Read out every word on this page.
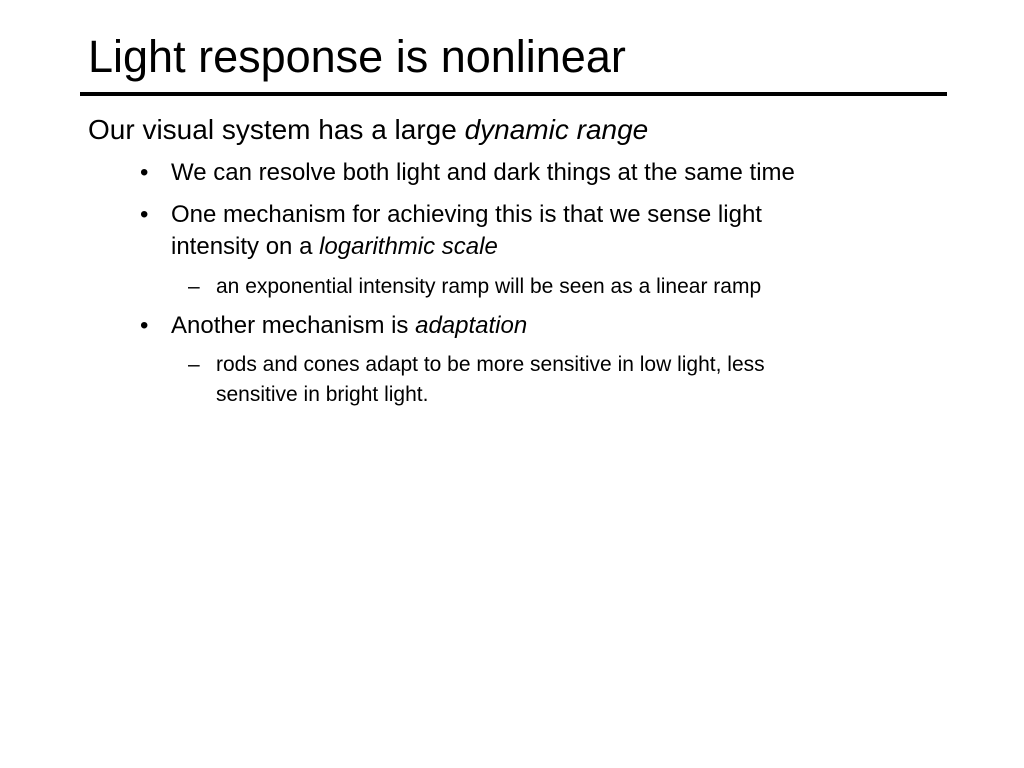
Light response is nonlinear
Our visual system has a large dynamic range
• We can resolve both light and dark things at the same time
• One mechanism for achieving this is that we sense light
intensity on a logarithmic scale
– an exponential intensity ramp will be seen as a linear ramp
• Another mechanism is adaptation
– rods and cones adapt to be more sensitive in low light, less
sensitive in bright light.
